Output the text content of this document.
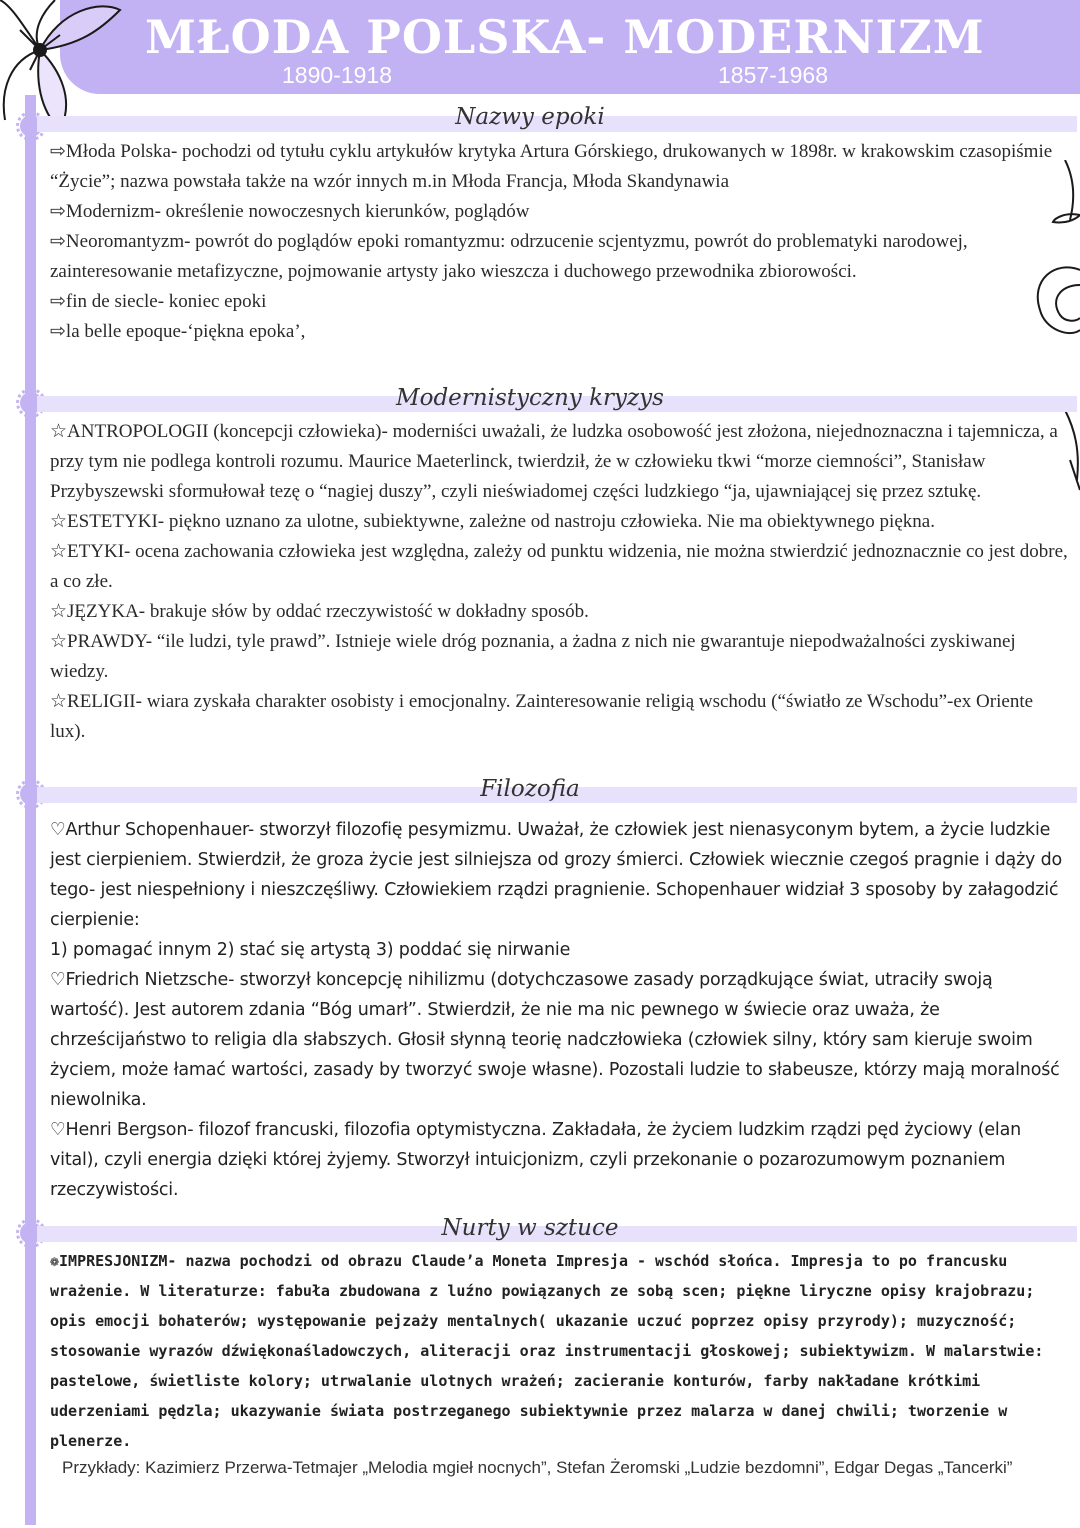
MŁODA POLSKA- MODERNIZM
1890-1918	1857-1968
Nazwy epoki

⇨Młoda Polska- pochodzi od tytułu cyklu artykułów krytyka Artura Górskiego, drukowanych w 1898r. w krakowskim czasopiśmie “Życie”; nazwa powstała także na wzór innych m.in Młoda Francja, Młoda Skandynawia

⇨Modernizm- określenie nowoczesnych kierunków, poglądów

⇨Neoromantyzm- powrót do poglądów epoki romantyzmu: odrzucenie scjentyzmu, powrót do problematyki narodowej, zainteresowanie metafizyczne, pojmowanie artysty jako wieszcza i duchowego przewodnika zbiorowości.

⇨fin de siecle- koniec epoki

⇨la belle epoque-‘piękna epoka’,

Modernistyczny kryzys

☆ANTROPOLOGII (koncepcji człowieka)- moderniści uważali, że ludzka osobowość jest złożona, niejednoznaczna i tajemnicza, a przy tym nie podlega kontroli rozumu. Maurice Maeterlinck, twierdził, że w człowieku tkwi “morze ciemności”, Stanisław Przybyszewski sformułował tezę o “nagiej duszy”, czyli nieświadomej części ludzkiego “ja, ujawniającej się przez sztukę.

☆ESTETYKI- piękno uznano za ulotne, subiektywne, zależne od nastroju człowieka. Nie ma obiektywnego piękna.

☆ETYKI- ocena zachowania człowieka jest względna, zależy od punktu widzenia, nie można stwierdzić jednoznacznie co jest dobre, a co złe.

☆JĘZYKA- brakuje słów by oddać rzeczywistość w dokładny sposób.

☆PRAWDY- “ile ludzi, tyle prawd”. Istnieje wiele dróg poznania, a żadna z nich nie gwarantuje niepodważalności zyskiwanej wiedzy.

☆RELIGII- wiara zyskała charakter osobisty i emocjonalny. Zainteresowanie religią wschodu (“światło ze Wschodu”-ex Oriente lux).

Filozofia

♡Arthur Schopenhauer- stworzył filozofię pesymizmu. Uważał, że człowiek jest nienasyconym bytem, a życie ludzkie jest cierpieniem. Stwierdził, że groza życie jest silniejsza od grozy śmierci. Człowiek wiecznie czegoś pragnie i dąży do tego- jest niespełniony i nieszczęśliwy. Człowiekiem rządzi pragnienie. Schopenhauer widział 3 sposoby by załagodzić cierpienie:

1) pomagać innym 2) stać się artystą 3) poddać się nirwanie

♡Friedrich Nietzsche- stworzył koncepcję nihilizmu (dotychczasowe zasady porządkujące świat, utraciły swoją wartość). Jest autorem zdania “Bóg umarł”. Stwierdził, że nie ma nic pewnego w świecie oraz uważa, że chrześcijaństwo to religia dla słabszych. Głosił słynną teorię nadczłowieka (człowiek silny, który sam kieruje swoim życiem, może łamać wartości, zasady by tworzyć swoje własne). Pozostali ludzie to słabeusze, którzy mają moralność niewolnika.

♡Henri Bergson- filozof francuski, filozofia optymistyczna. Zakładała, że życiem ludzkim rządzi pęd życiowy (elan vital), czyli energia dzięki której żyjemy. Stworzył intuicjonizm, czyli przekonanie o pozarozumowym poznaniem rzeczywistości.

Nurty w sztuce

❁IMPRESJONIZM- nazwa pochodzi od obrazu Claude’a Moneta Impresja - wschód słońca. Impresja to po francusku wrażenie. W literaturze: fabuła zbudowana z luźno powiązanych ze sobą scen; piękne liryczne opisy krajobrazu; opis emocji bohaterów; występowanie pejzaży mentalnych( ukazanie uczuć poprzez opisy przyrody); muzyczność; stosowanie wyrazów dźwiękonaśladowczych, aliteracji oraz instrumentacji głoskowej; subiektywizm. W malarstwie: pastelowe, świetliste kolory; utrwalanie ulotnych wrażeń; zacieranie konturów, farby nakładane krótkimi uderzeniami pędzla; ukazywanie świata postrzeganego subiektywnie przez malarza w danej chwili; tworzenie w plenerze.

Przykłady: Kazimierz Przerwa-Tetmajer „Melodia mgieł nocnych”, Stefan Żeromski „Ludzie bezdomni”, Edgar Degas „Tancerki”
